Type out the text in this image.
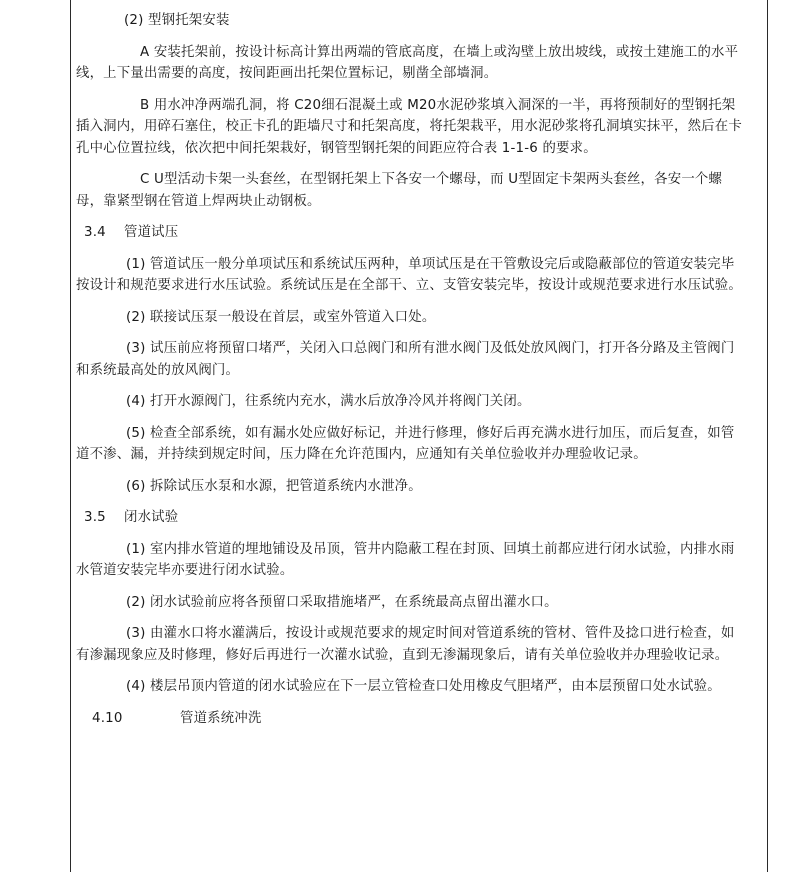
(2) 型钢托架安装
A 安装托架前，按设计标高计算出两端的管底高度，在墙上或沟壁上放出坡线，或按土建施工的水平线，上下量出需要的高度，按间距画出托架位置标记，剔凿全部墙洞。
B 用水冲净两端孔洞，将 C20细石混凝土或 M20水泥砂浆填入洞深的一半，再将预制好的型钢托架插入洞内，用碎石塞住，校正卡孔的距墙尺寸和托架高度，将托架栽平，用水泥砂浆将孔洞填实抹平，然后在卡孔中心位置拉线，依次把中间托架栽好，钢管型钢托架的间距应符合表 1-1-6 的要求。
C U型活动卡架一头套丝，在型钢托架上下各安一个螺母，而 U型固定卡架两头套丝，各安一个螺母，靠紧型钢在管道上焊两块止动钢板。
3.4 管道试压
(1) 管道试压一般分单项试压和系统试压两种，单项试压是在干管敷设完后或隐蔽部位的管道安装完毕按设计和规范要求进行水压试验。系统试压是在全部干、立、支管安装完毕，按设计或规范要求进行水压试验。
(2) 联接试压泵一般设在首层，或室外管道入口处。
(3) 试压前应将预留口堵严，关闭入口总阀门和所有泄水阀门及低处放风阀门，打开各分路及主管阀门和系统最高处的放风阀门。
(4) 打开水源阀门，往系统内充水，满水后放净冷风并将阀门关闭。
(5) 检查全部系统，如有漏水处应做好标记，并进行修理，修好后再充满水进行加压，而后复查，如管道不渗、漏，并持续到规定时间，压力降在允许范围内，应通知有关单位验收并办理验收记录。
(6) 拆除试压水泵和水源，把管道系统内水泄净。
3.5 闭水试验
(1) 室内排水管道的埋地铺设及吊顶，管井内隐蔽工程在封顶、回填土前都应进行闭水试验，内排水雨水管道安装完毕亦要进行闭水试验。
(2) 闭水试验前应将各预留口采取措施堵严，在系统最高点留出灌水口。
(3) 由灌水口将水灌满后，按设计或规范要求的规定时间对管道系统的管材、管件及捻口进行检查，如有渗漏现象应及时修理，修好后再进行一次灌水试验，直到无渗漏现象后，请有关单位验收并办理验收记录。
(4) 楼层吊顶内管道的闭水试验应在下一层立管检查口处用橡皮气胆堵严，由本层预留口处水试验。
4.10	管道系统冲洗
